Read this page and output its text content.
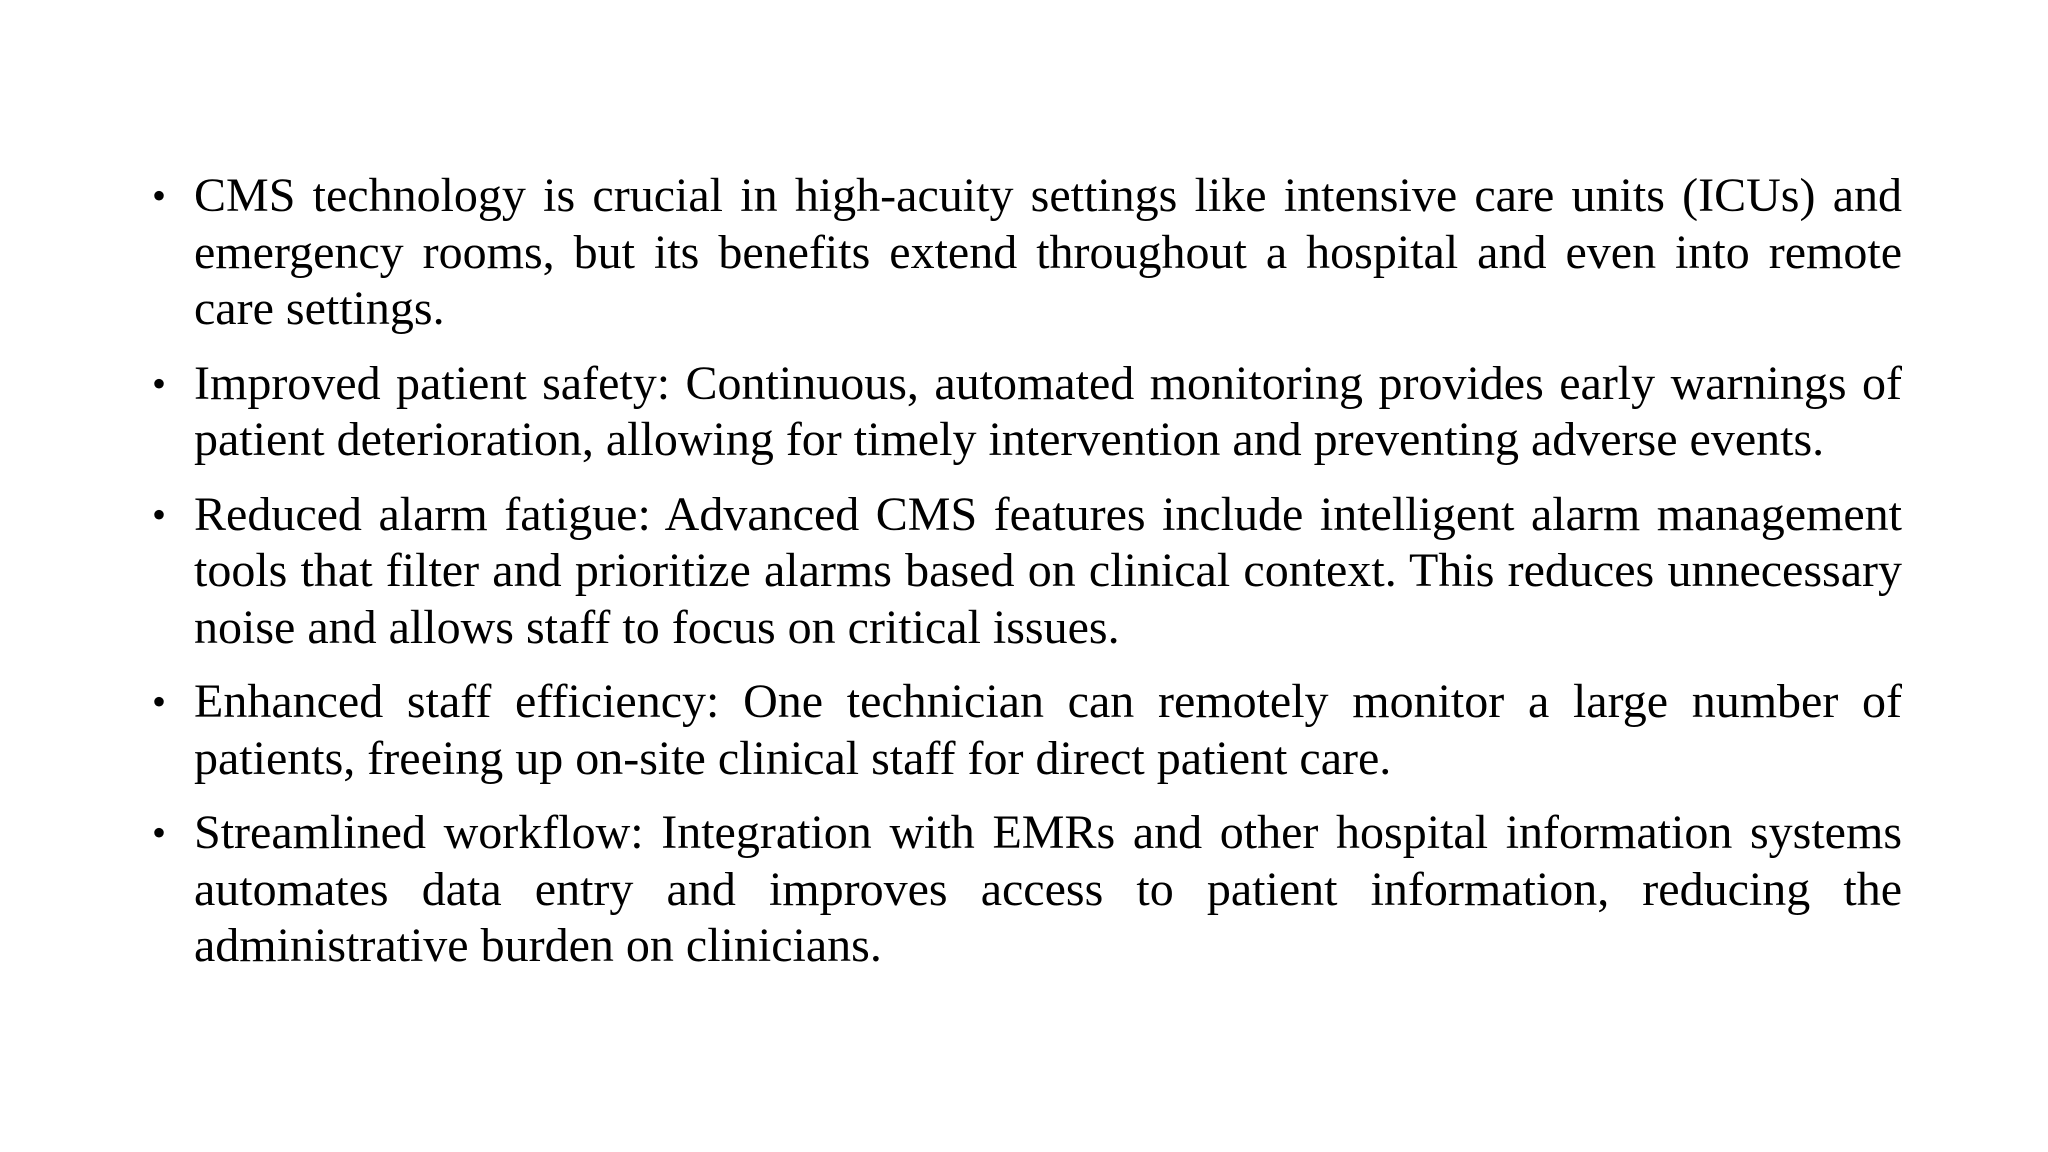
• CMS technology is crucial in high-acuity settings like intensive care units (ICUs) and emergency rooms, but its benefits extend throughout a hospital and even into remote care settings.
• Improved patient safety: Continuous, automated monitoring provides early warnings of patient deterioration, allowing for timely intervention and preventing adverse events.
• Reduced alarm fatigue: Advanced CMS features include intelligent alarm management tools that filter and prioritize alarms based on clinical context. This reduces unnecessary noise and allows staff to focus on critical issues.
• Enhanced staff efficiency: One technician can remotely monitor a large number of patients, freeing up on-site clinical staff for direct patient care.
• Streamlined workflow: Integration with EMRs and other hospital information systems automates data entry and improves access to patient information, reducing the administrative burden on clinicians.
